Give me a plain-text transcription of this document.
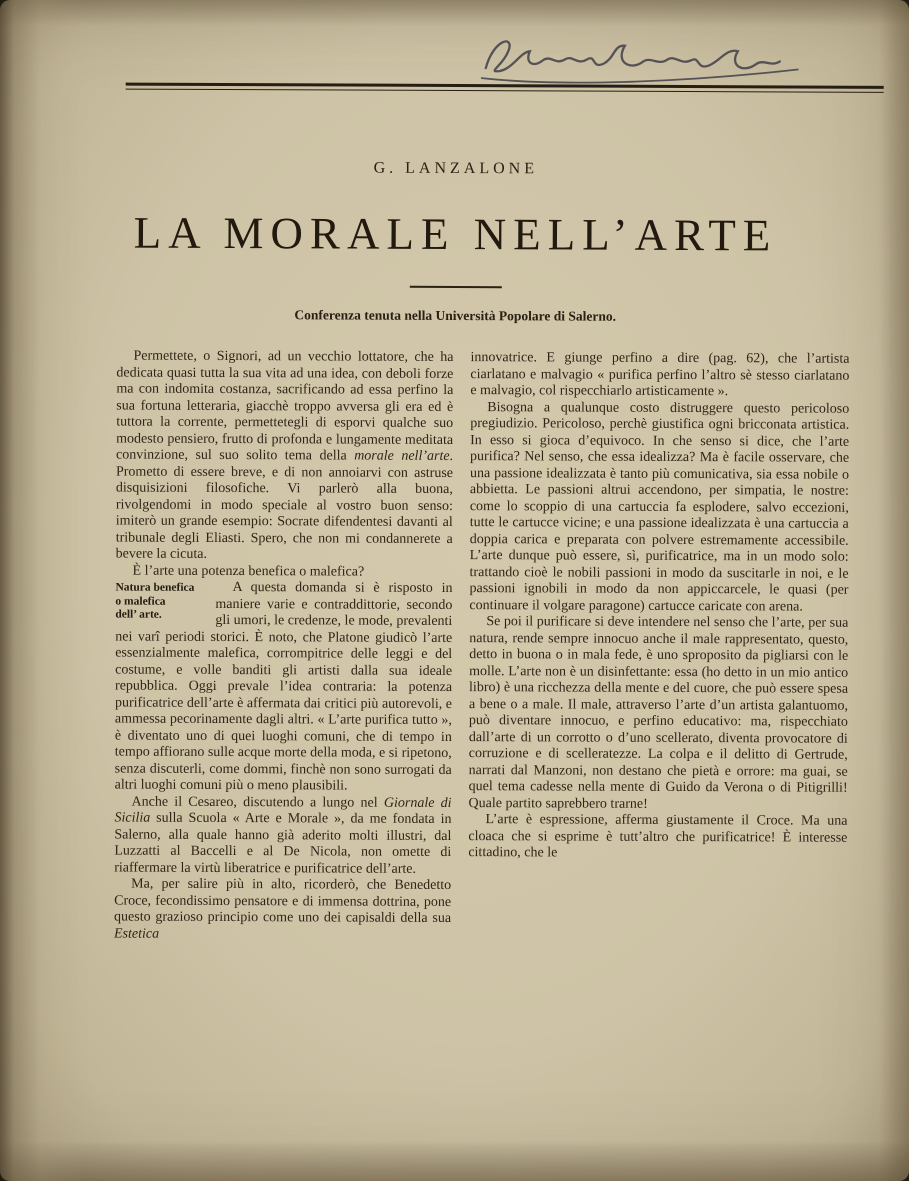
G. LANZALONE
LA MORALE NELL’ARTE
Conferenza tenuta nella Università Popolare di Salerno.

Permettete, o Signori, ad un vecchio lottatore, che ha dedicata quasi tutta la sua vita ad una idea, con deboli forze ma con indomita costanza, sacrificando ad essa perfino la sua fortuna letteraria, giacchè troppo avversa gli era ed è tuttora la corrente, permettetegli di esporvi qualche suo modesto pensiero, frutto di profonda e lungamente meditata convinzione, sul suo solito tema della morale nell’arte. Prometto di essere breve, e di non annoiarvi con astruse disquisizioni filosofiche. Vi parlerò alla buona, rivolgendomi in modo speciale al vostro buon senso: imiterò un grande esempio: Socrate difendentesi davanti al tribunale degli Eliasti. Spero, che non mi condannerete a bevere la cicuta.

È l’arte una potenza benefica o malefica?

Natura benefica
o malefica
dell’ arte.
A questa domanda si è risposto in maniere varie e contraddittorie, secondo gli umori, le credenze, le mode, prevalenti nei varî periodi storici. È noto, che Platone giudicò l’arte essenzialmente malefica, corrompitrice delle leggi e del costume, e volle banditi gli artisti dalla sua ideale repubblica. Oggi prevale l’idea contraria: la potenza purificatrice dell’arte è affermata dai critici più autorevoli, e ammessa pecorinamente dagli altri. « L’arte purifica tutto », è diventato uno di quei luoghi comuni, che di tempo in tempo affiorano sulle acque morte della moda, e si ripetono, senza discuterli, come dommi, finchè non sono surrogati da altri luoghi comuni più o meno plausibili.

Anche il Cesareo, discutendo a lungo nel Giornale di Sicilia sulla Scuola « Arte e Morale », da me fondata in Salerno, alla quale hanno già aderito molti illustri, dal Luzzatti al Baccelli e al De Nicola, non omette di riaffermare la virtù liberatrice e purificatrice dell’arte.

Ma, per salire più in alto, ricorderò, che Benedetto Croce, fecondissimo pensatore e di immensa dottrina, pone questo grazioso principio come uno dei capisaldi della sua Estetica

innovatrice. E giunge perfino a dire (pag. 62), che l’artista ciarlatano e malvagio « purifica perfino l’altro sè stesso ciarlatano e malvagio, col rispecchiarlo artisticamente ».

Bisogna a qualunque costo distruggere questo pericoloso pregiudizio. Pericoloso, perchè giustifica ogni bricconata artistica. In esso si gioca d’equivoco. In che senso si dice, che l’arte purifica? Nel senso, che essa idealizza? Ma è facile osservare, che una passione idealizzata è tanto più comunicativa, sia essa nobile o abbietta. Le passioni altrui accendono, per simpatia, le nostre: come lo scoppio di una cartuccia fa esplodere, salvo eccezioni, tutte le cartucce vicine; e una passione idealizzata è una cartuccia a doppia carica e preparata con polvere estremamente accessibile. L’arte dunque può essere, sì, purificatrice, ma in un modo solo: trattando cioè le nobili passioni in modo da suscitarle in noi, e le passioni ignobili in modo da non appiccarcele, le quasi (per continuare il volgare paragone) cartucce caricate con arena.

Se poi il purificare si deve intendere nel senso che l’arte, per sua natura, rende sempre innocuo anche il male rappresentato, questo, detto in buona o in mala fede, è uno sproposito da pigliarsi con le molle. L’arte non è un disinfettante: essa (ho detto in un mio antico libro) è una ricchezza della mente e del cuore, che può essere spesa a bene o a male. Il male, attraverso l’arte d’un artista galantuomo, può diventare innocuo, e perfino educativo: ma, rispecchiato dall’arte di un corrotto o d’uno scellerato, diventa provocatore di corruzione e di scelleratezze. La colpa e il delitto di Gertrude, narrati dal Manzoni, non destano che pietà e orrore: ma guai, se quel tema cadesse nella mente di Guido da Verona o di Pitigrilli! Quale partito saprebbero trarne!

L’arte è espressione, afferma giustamente il Croce. Ma una cloaca che si esprime è tutt’altro che purificatrice! È interesse cittadino, che le
